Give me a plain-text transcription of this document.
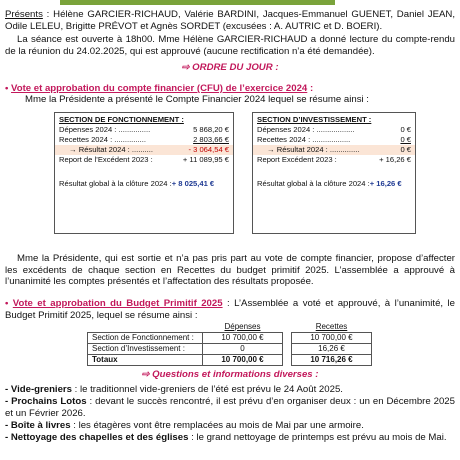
Présents : Hélène GARCIER-RICHAUD, Valérie BARDINI, Jacques-Emmanuel GUENET, Daniel JEAN, Odile LELEU, Brigitte PRÉVOT et Agnès SORDET (excusées : A. AUTRIC et D. BOERI).
La séance est ouverte à 18h00. Mme Hélène GARCIER-RICHAUD a donné lecture du compte-rendu de la réunion du 24.02.2025, qui est approuvé (aucune rectification n’a été demandée).
⇨ ORDRE DU JOUR :
• Vote et approbation du compte financier (CFU) de l’exercice 2024 :
Mme la Présidente a présenté le Compte Financier 2024 lequel se résume ainsi :
SECTION DE FONCTIONNEMENT :
Dépenses 2024 : ...............	5 868,20 €
Recettes 2024 : ...............	2 803,66 €
→ Résultat 2024 : ..........	- 3 064,54 €
Report de l’Excédent 2023 :	+ 11 089,95 €
Résultat global à la clôture 2024 : + 8 025,41 €
SECTION D’INVESTISSEMENT :
Dépenses 2024 : ..................	0 €
Recettes 2024 : ..................	0 €
→ Résultat 2024 : ..............	0 €
Report Excédent 2023 :	+ 16,26 €
Résultat global à la clôture 2024 : + 16,26 €
Mme la Présidente, qui est sortie et n’a pas pris part au vote de compte financier, propose d’affecter les excédents de chaque section en Recettes du budget primitif 2025. L’assemblée a approuvé à l’unanimité les comptes présentés et l’affectation des résultats proposée.
• Vote et approbation du Budget Primitif 2025 : L’Assemblée a voté et approuvé, à l’unanimité, le Budget Primitif 2025, lequel se résume ainsi :
	Dépenses		Recettes
Section de Fonctionnement :	10 700,00 €		10 700,00 €
Section d’Investissement :	0		16,26 €
Totaux	10 700,00 €		10 716,26 €
⇨ Questions et informations diverses :
- Vide-greniers : le traditionnel vide-greniers de l’été est prévu le 24 Août 2025.
- Prochains Lotos : devant le succès rencontré, il est prévu d’en organiser deux : un en Décembre 2025 et un Février 2026.
- Boîte à livres : les étagères vont être remplacées au mois de Mai par une armoire.
- Nettoyage des chapelles et des églises : le grand nettoyage de printemps est prévu au mois de Mai.
